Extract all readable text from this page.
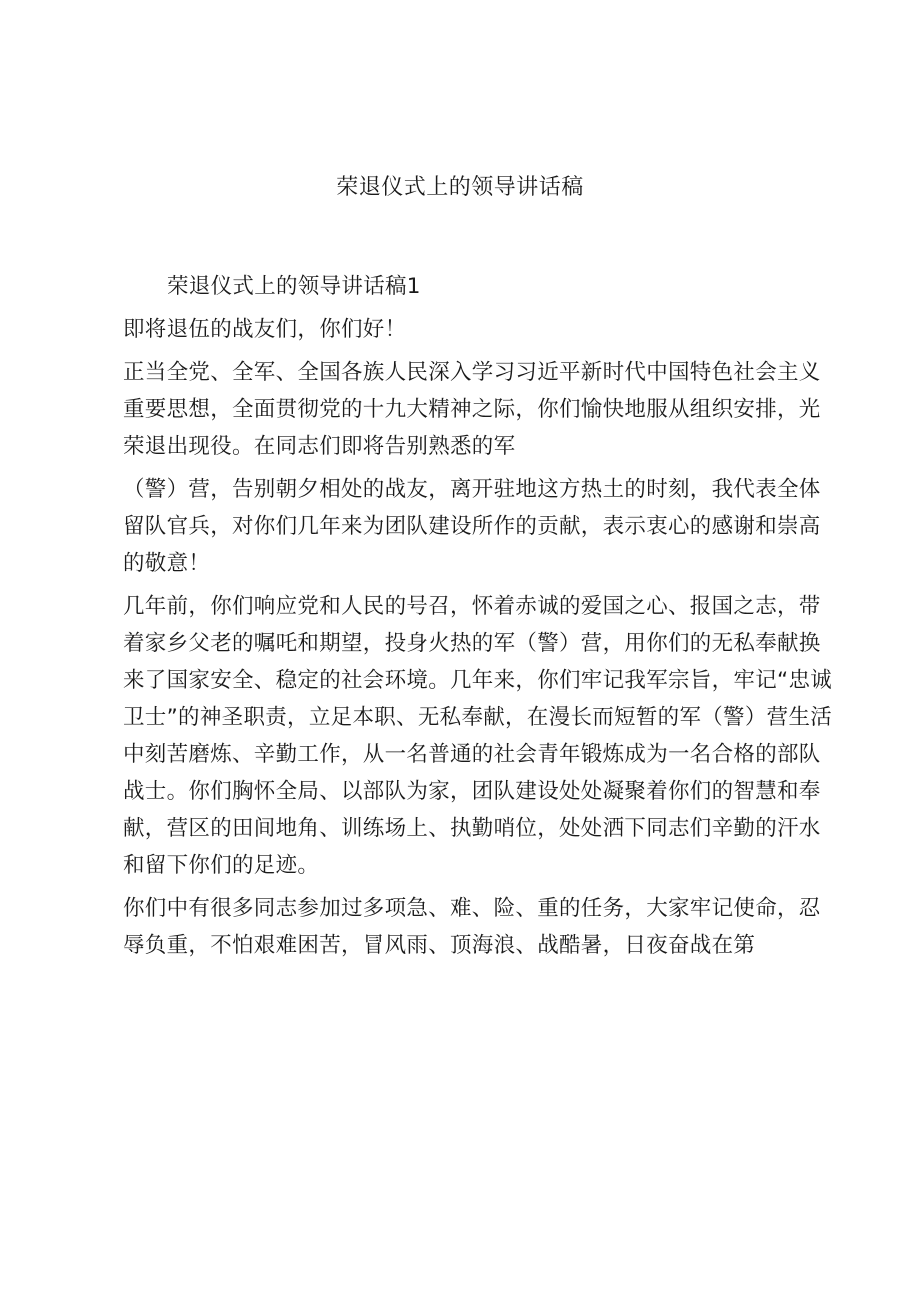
荣退仪式上的领导讲话稿

荣退仪式上的领导讲话稿1

即将退伍的战友们，你们好！

正当全党、全军、全国各族人民深入学习习近平新时代中国特色社会主义重要思想，全面贯彻党的十九大精神之际，你们愉快地服从组织安排，光荣退出现役。在同志们即将告别熟悉的军

（警）营，告别朝夕相处的战友，离开驻地这方热土的时刻，我代表全体留队官兵，对你们几年来为团队建设所作的贡献，表示衷心的感谢和崇高的敬意！

几年前，你们响应党和人民的号召，怀着赤诚的爱国之心、报国之志，带着家乡父老的嘱吒和期望，投身火热的军（警）营，用你们的无私奉献换来了国家安全、稳定的社会环境。几年来，你们牢记我军宗旨，牢记“忠诚卫士”的神圣职责，立足本职、无私奉献，在漫长而短暂的军（警）营生活中刻苦磨炼、辛勤工作，从一名普通的社会青年锻炼成为一名合格的部队战士。你们胸怀全局、以部队为家，团队建设处处凝聚着你们的智慧和奉献，营区的田间地角、训练场上、执勤哨位，处处洒下同志们辛勤的汗水和留下你们的足迹。

你们中有很多同志参加过多项急、难、险、重的任务，大家牢记使命，忍辱负重，不怕艰难困苦，冒风雨、顶海浪、战酷暑，日夜奋战在第
